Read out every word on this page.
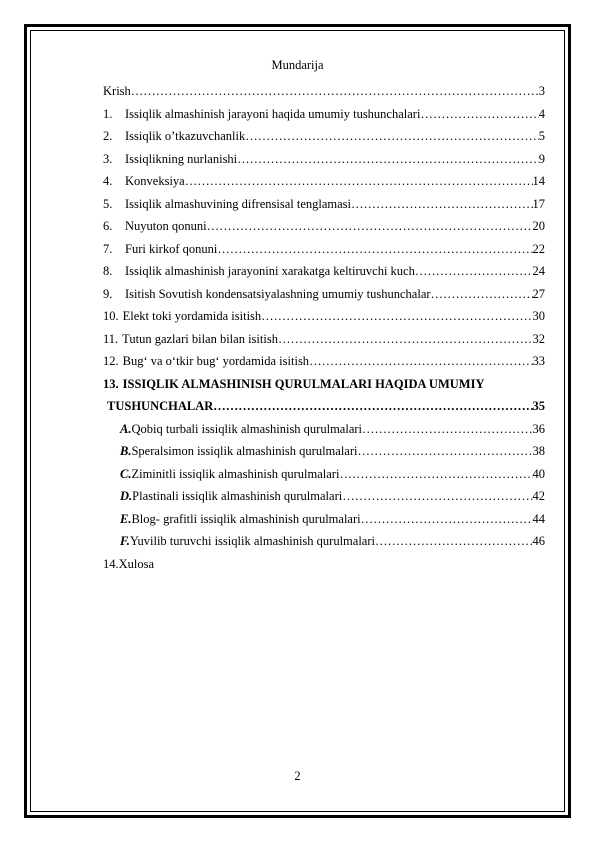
Mundarija
Krish ……………………………………………………………………………………………………………………………………	3
1.	Issiqlik almashinish jarayoni haqida umumiy tushunchalari ……………………………………………………………………………………………………………………………………	4
2.	Issiqlik o’tkazuvchanlik ……………………………………………………………………………………………………………………………………	5
3.	Issiqlikning nurlanishi ……………………………………………………………………………………………………………………………………	9
4.	Konveksiya ……………………………………………………………………………………………………………………………………	14
5.	Issiqlik almashuvining difrensisal tenglamasi ……………………………………………………………………………………………………………………………………	17
6.	Nuyuton qonuni ……………………………………………………………………………………………………………………………………	20
7.	Furi kirkof qonuni ……………………………………………………………………………………………………………………………………	22
8.	Issiqlik almashinish jarayonini xarakatga keltiruvchi kuch ……………………………………………………………………………………………………………………………………	24
9.	Isitish Sovutish kondensatsiyalashning umumiy tushunchalar ……………………………………………………………………………………………………………………………………	27
10. Elekt toki yordamida isitish ……………………………………………………………………………………………………………………………………	30
11. Tutun gazlari bilan bilan isitish ……………………………………………………………………………………………………………………………………	32
12. Bug‘ va o‘tkir bug‘ yordamida isitish ……………………………………………………………………………………………………………………………………	33
13. ISSIQLIK ALMASHINISH QURULMALARI HAQIDA UMUMIY
TUSHUNCHALAR ……………………………………………………………………………………………………………………………………	35
A. Qobiq turbali issiqlik almashinish qurulmalari ……………………………………………………………………………………………………………………………………	36
B. Speralsimon issiqlik almashinish qurulmalari ……………………………………………………………………………………………………………………………………	38
C. Ziminitli issiqlik almashinish qurulmalari ……………………………………………………………………………………………………………………………………	40
D. Plastinali issiqlik almashinish qurulmalari ……………………………………………………………………………………………………………………………………	42
E. Blog- grafitli issiqlik almashinish qurulmalari ……………………………………………………………………………………………………………………………………	44
F. Yuvilib turuvchi issiqlik almashinish qurulmalari ……………………………………………………………………………………………………………………………………	46
14. Xulosa
2
